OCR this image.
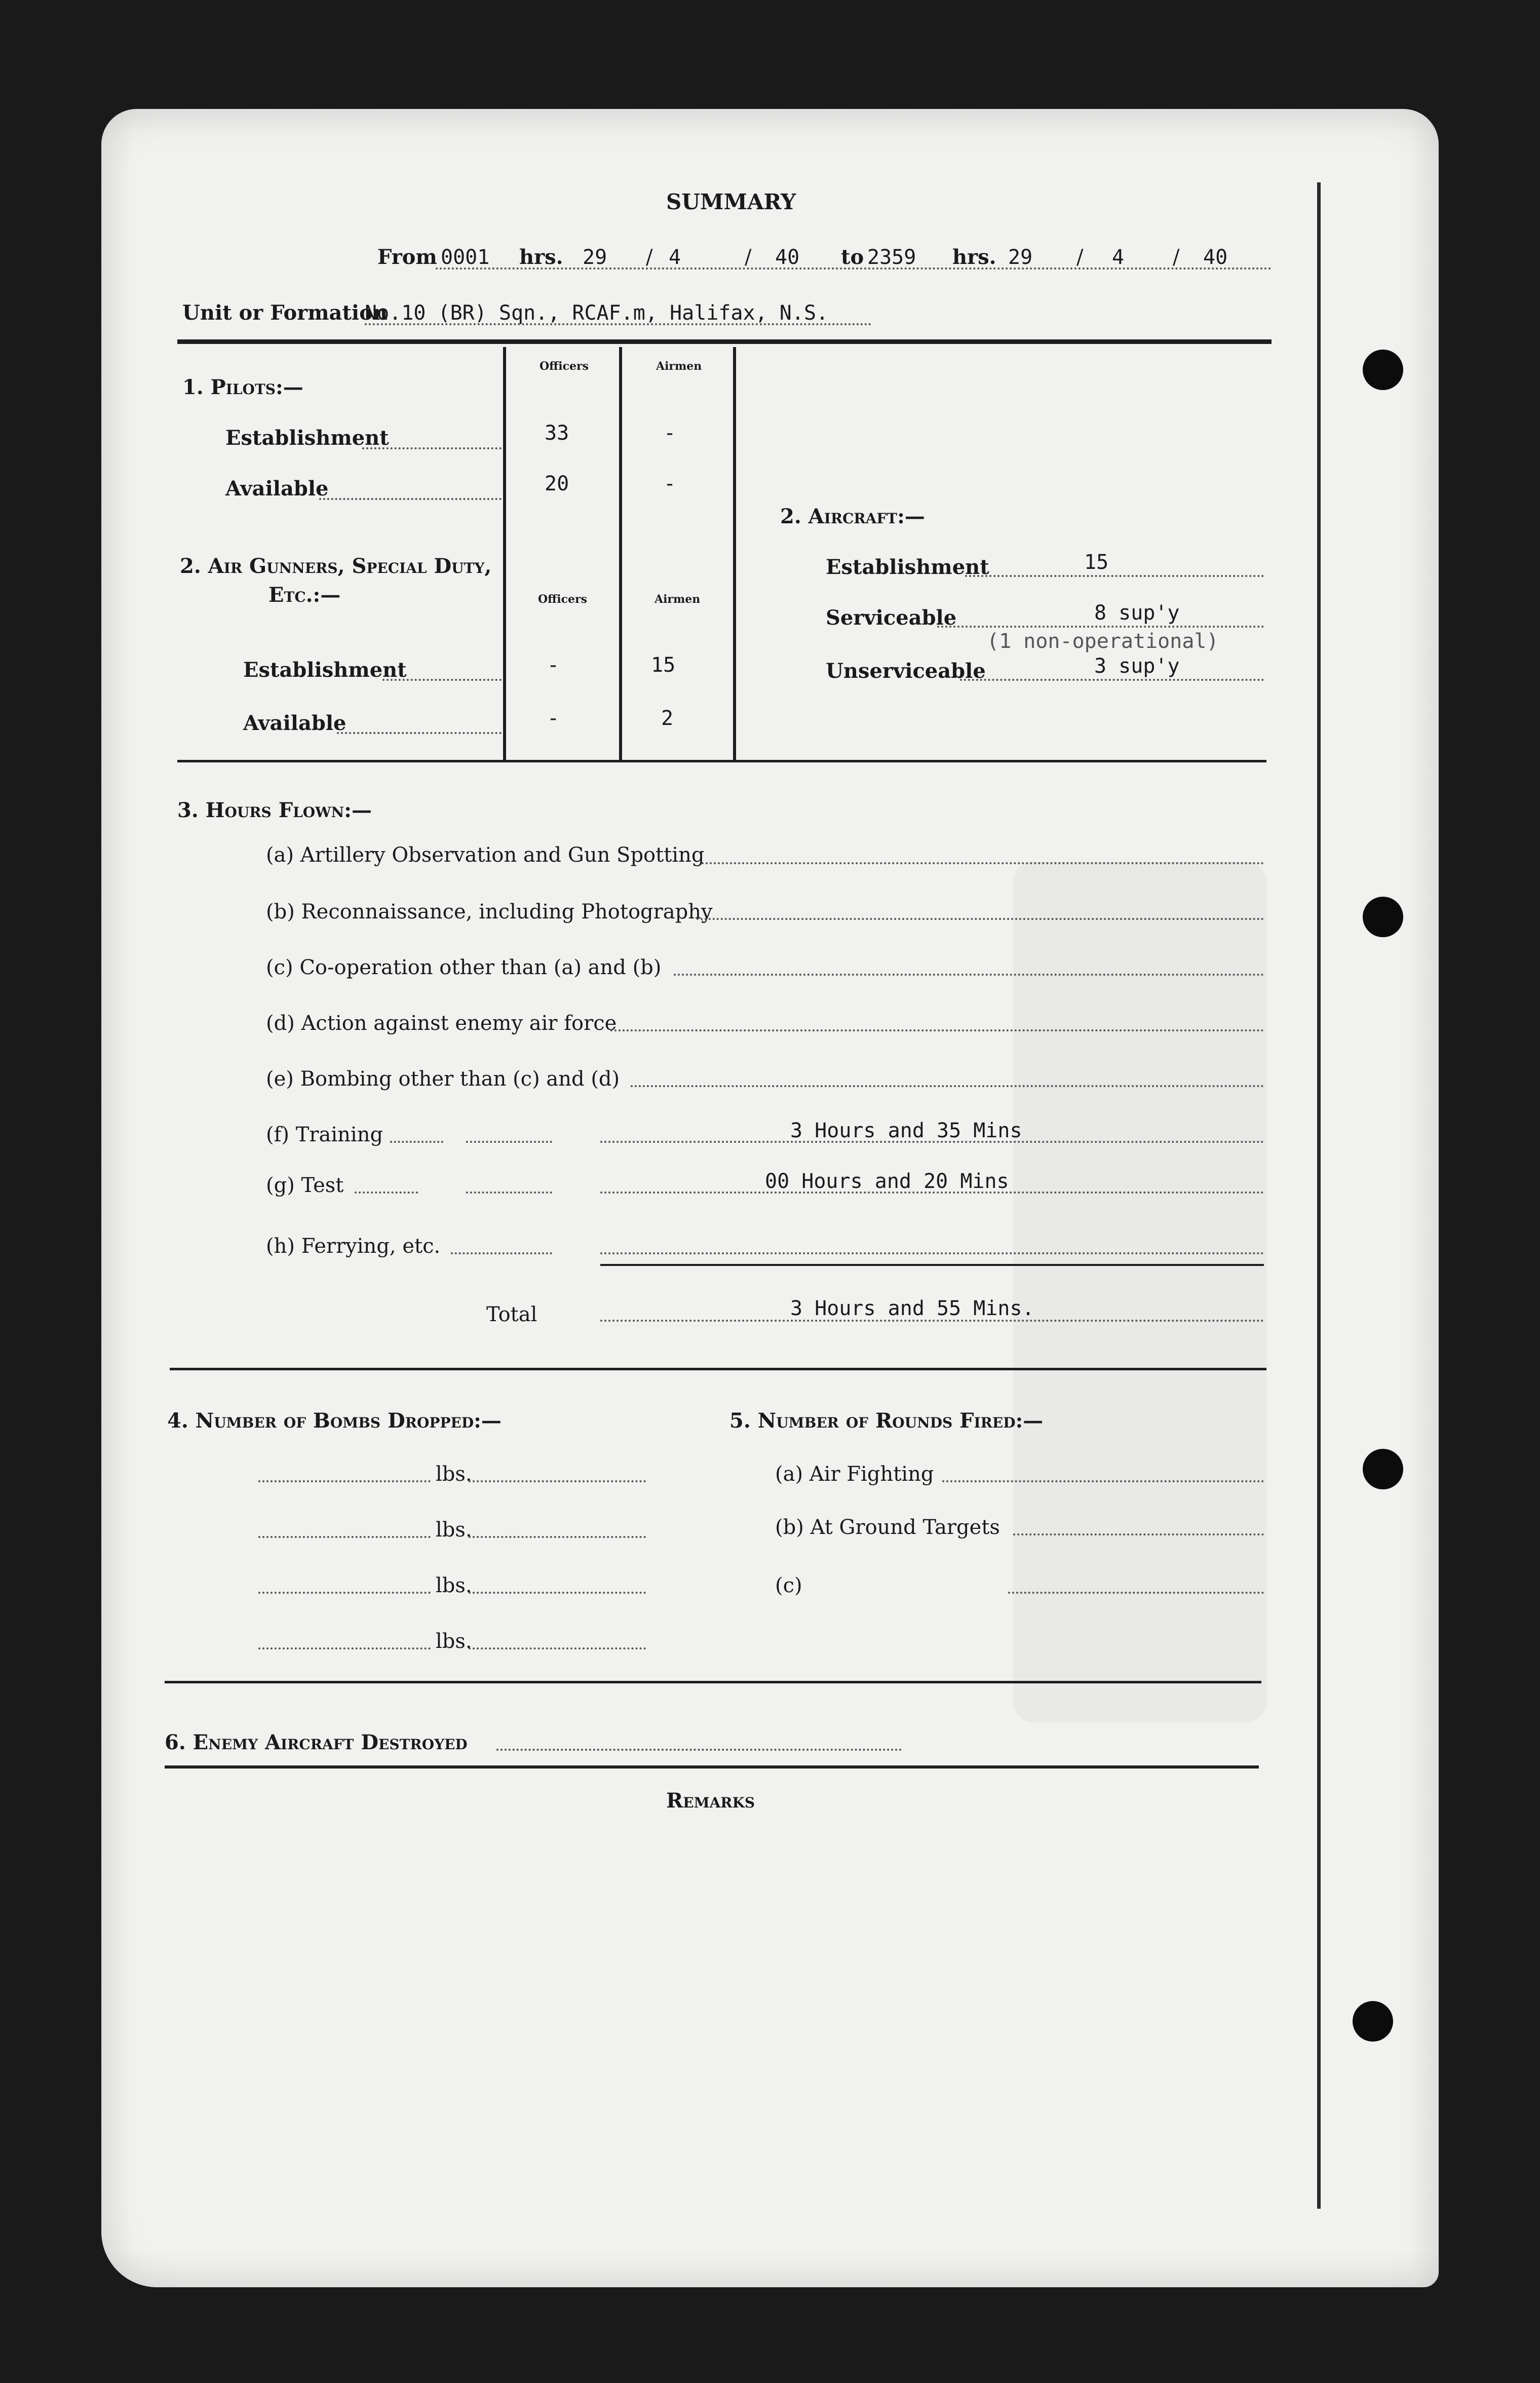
SUMMARY
From 0001 hrs. 29 / 4	/ 40 to 2359 hrs. 29 / 4 / 40
Unit or Formation
No.10 (BR) Sqn., RCAF.m, Halifax, N.S.
Officers	Airmen
1. Pilots:—
Establishment	33	-
Available	20	-
2. Air Gunners, Special Duty,
Etc.:—	Officers	Airmen
Establishment	-	15
Available	-	2
2. Aircraft:—
Establishment	15
Serviceable	8 sup'y
(1 non-operational)
Unserviceable	3 sup'y
3. Hours Flown:—
(a) Artillery Observation and Gun Spotting
(b) Reconnaissance, including Photography
(c) Co-operation other than (a) and (b)
(d) Action against enemy air force
(e) Bombing other than (c) and (d)
(f) Training	3 Hours and 35 Mins
(g) Test	00 Hours and 20 Mins
(h) Ferrying, etc.
Total	3 Hours and 55 Mins.
4. Number of Bombs Dropped:—	5. Number of Rounds Fired:—
lbs.
lbs.
lbs.
lbs.
(a) Air Fighting
(b) At Ground Targets
(c)
6. Enemy Aircraft Destroyed
Remarks
